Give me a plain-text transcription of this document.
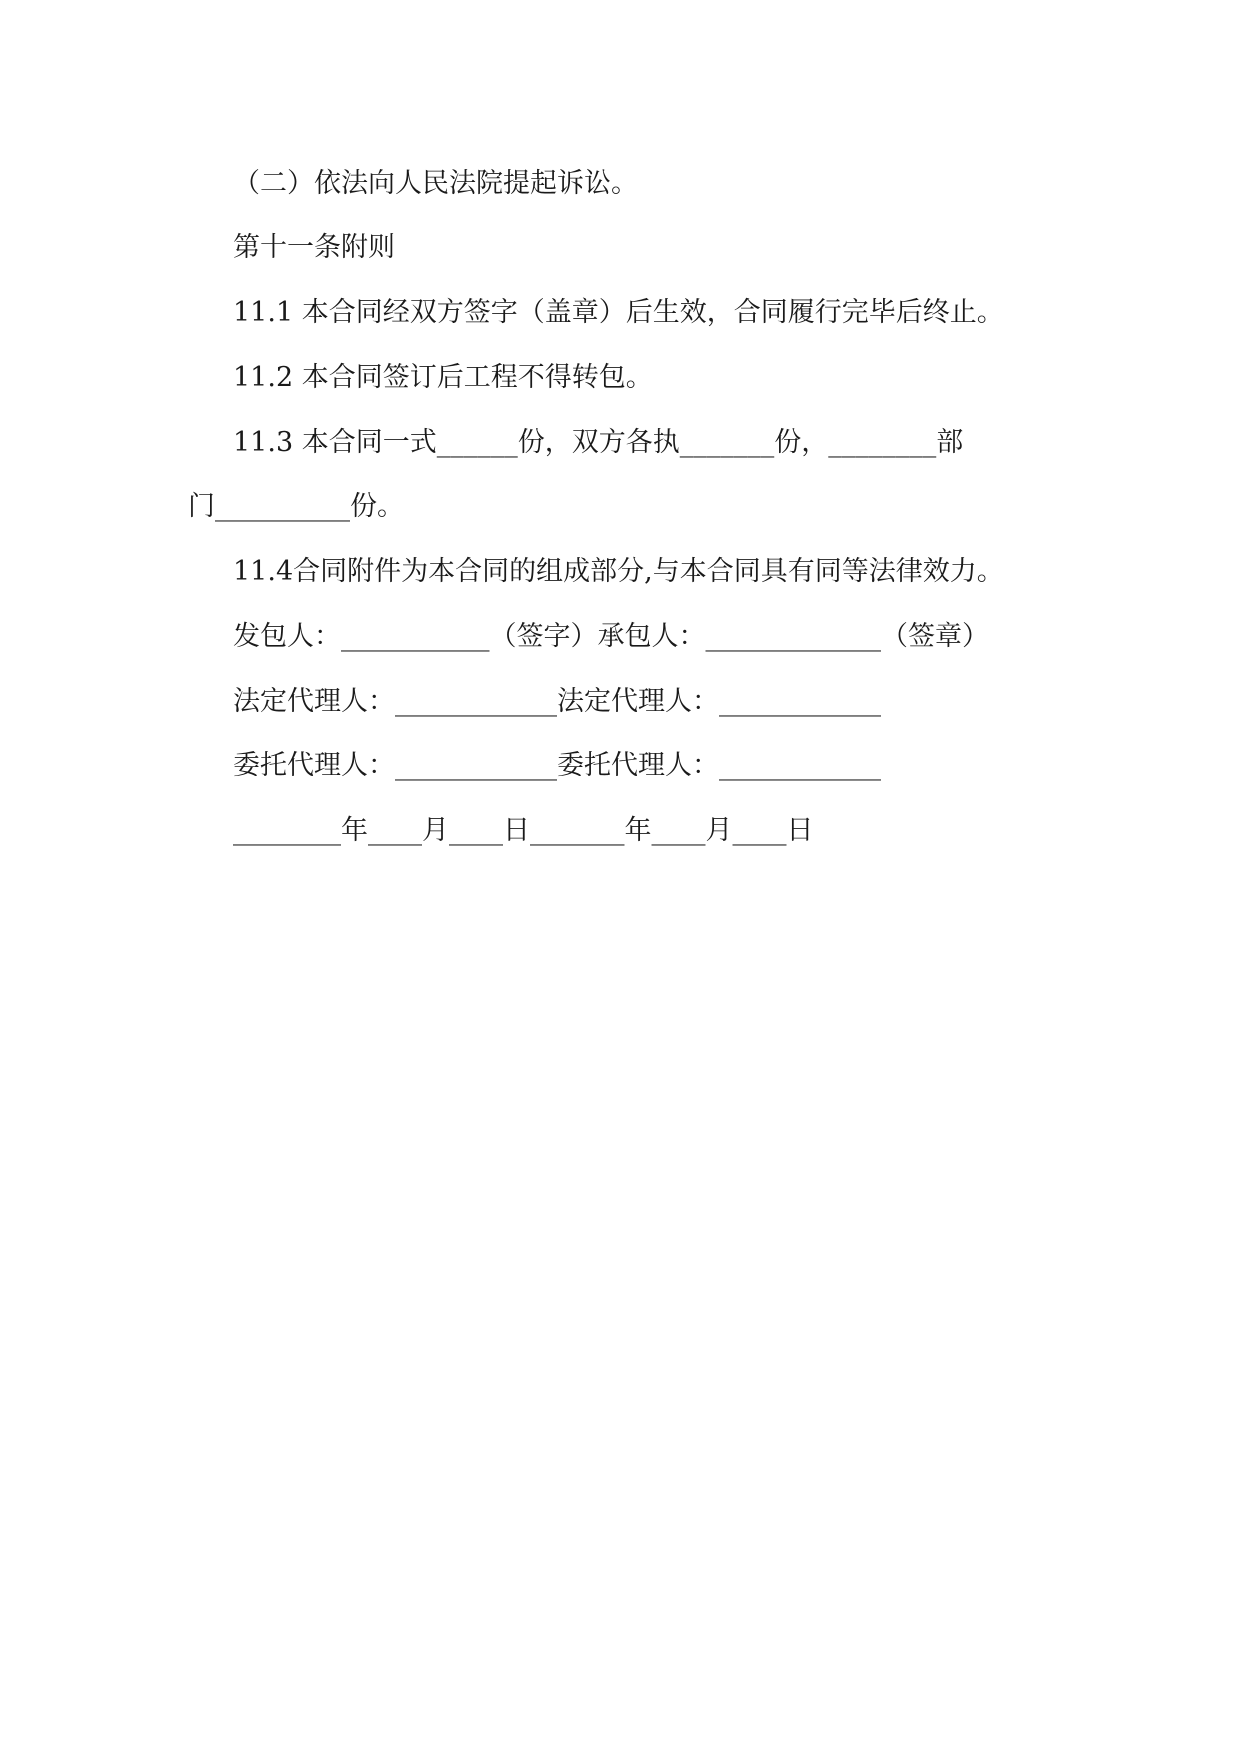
（二）依法向人民法院提起诉讼。
第十一条附则
11.1 本合同经双方签字（盖章）后生效，合同履行完毕后终止。
11.2 本合同签订后工程不得转包。
11.3 本合同一式______份，双方各执_______份，________部
门__________份。
11.4合同附件为本合同的组成部分,与本合同具有同等法律效力。
发包人：___________（签字）承包人：_____________（签章）
法定代理人：____________法定代理人：____________
委托代理人：____________委托代理人：____________
________年____月____日_______年____月____日
